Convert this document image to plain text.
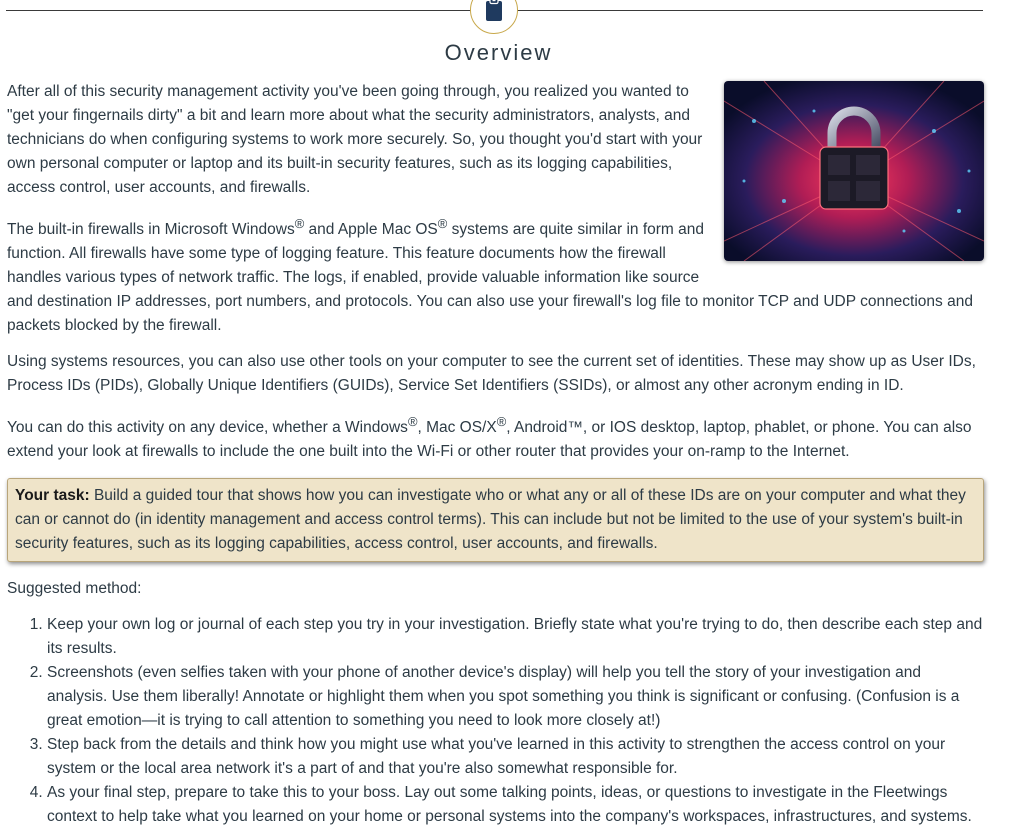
Overview

After all of this security management activity you've been going through, you realized you wanted to "get your fingernails dirty" a bit and learn more about what the security administrators, analysts, and technicians do when configuring systems to work more securely. So, you thought you'd start with your own personal computer or laptop and its built-in security features, such as its logging capabilities, access control, user accounts, and firewalls.

The built-in firewalls in Microsoft Windows® and Apple Mac OS® systems are quite similar in form and function. All firewalls have some type of logging feature. This feature documents how the firewall handles various types of network traffic. The logs, if enabled, provide valuable information like source and destination IP addresses, port numbers, and protocols. You can also use your firewall's log file to monitor TCP and UDP connections and packets blocked by the firewall.

Using systems resources, you can also use other tools on your computer to see the current set of identities. These may show up as User IDs, Process IDs (PIDs), Globally Unique Identifiers (GUIDs), Service Set Identifiers (SSIDs), or almost any other acronym ending in ID.

You can do this activity on any device, whether a Windows®, Mac OS/X®, Android™, or IOS desktop, laptop, phablet, or phone. You can also extend your look at firewalls to include the one built into the Wi-Fi or other router that provides your on-ramp to the Internet.

Your task: Build a guided tour that shows how you can investigate who or what any or all of these IDs are on your computer and what they can or cannot do (in identity management and access control terms). This can include but not be limited to the use of your system's built-in security features, such as its logging capabilities, access control, user accounts, and firewalls.

Suggested method:

1. Keep your own log or journal of each step you try in your investigation. Briefly state what you're trying to do, then describe each step and its results.
2. Screenshots (even selfies taken with your phone of another device's display) will help you tell the story of your investigation and analysis. Use them liberally! Annotate or highlight them when you spot something you think is significant or confusing. (Confusion is a great emotion—it is trying to call attention to something you need to look more closely at!)
3. Step back from the details and think how you might use what you've learned in this activity to strengthen the access control on your system or the local area network it's a part of and that you're also somewhat responsible for.
4. As your final step, prepare to take this to your boss. Lay out some talking points, ideas, or questions to investigate in the Fleetwings context to help take what you learned on your home or personal systems into the company's workspaces, infrastructures, and systems.
